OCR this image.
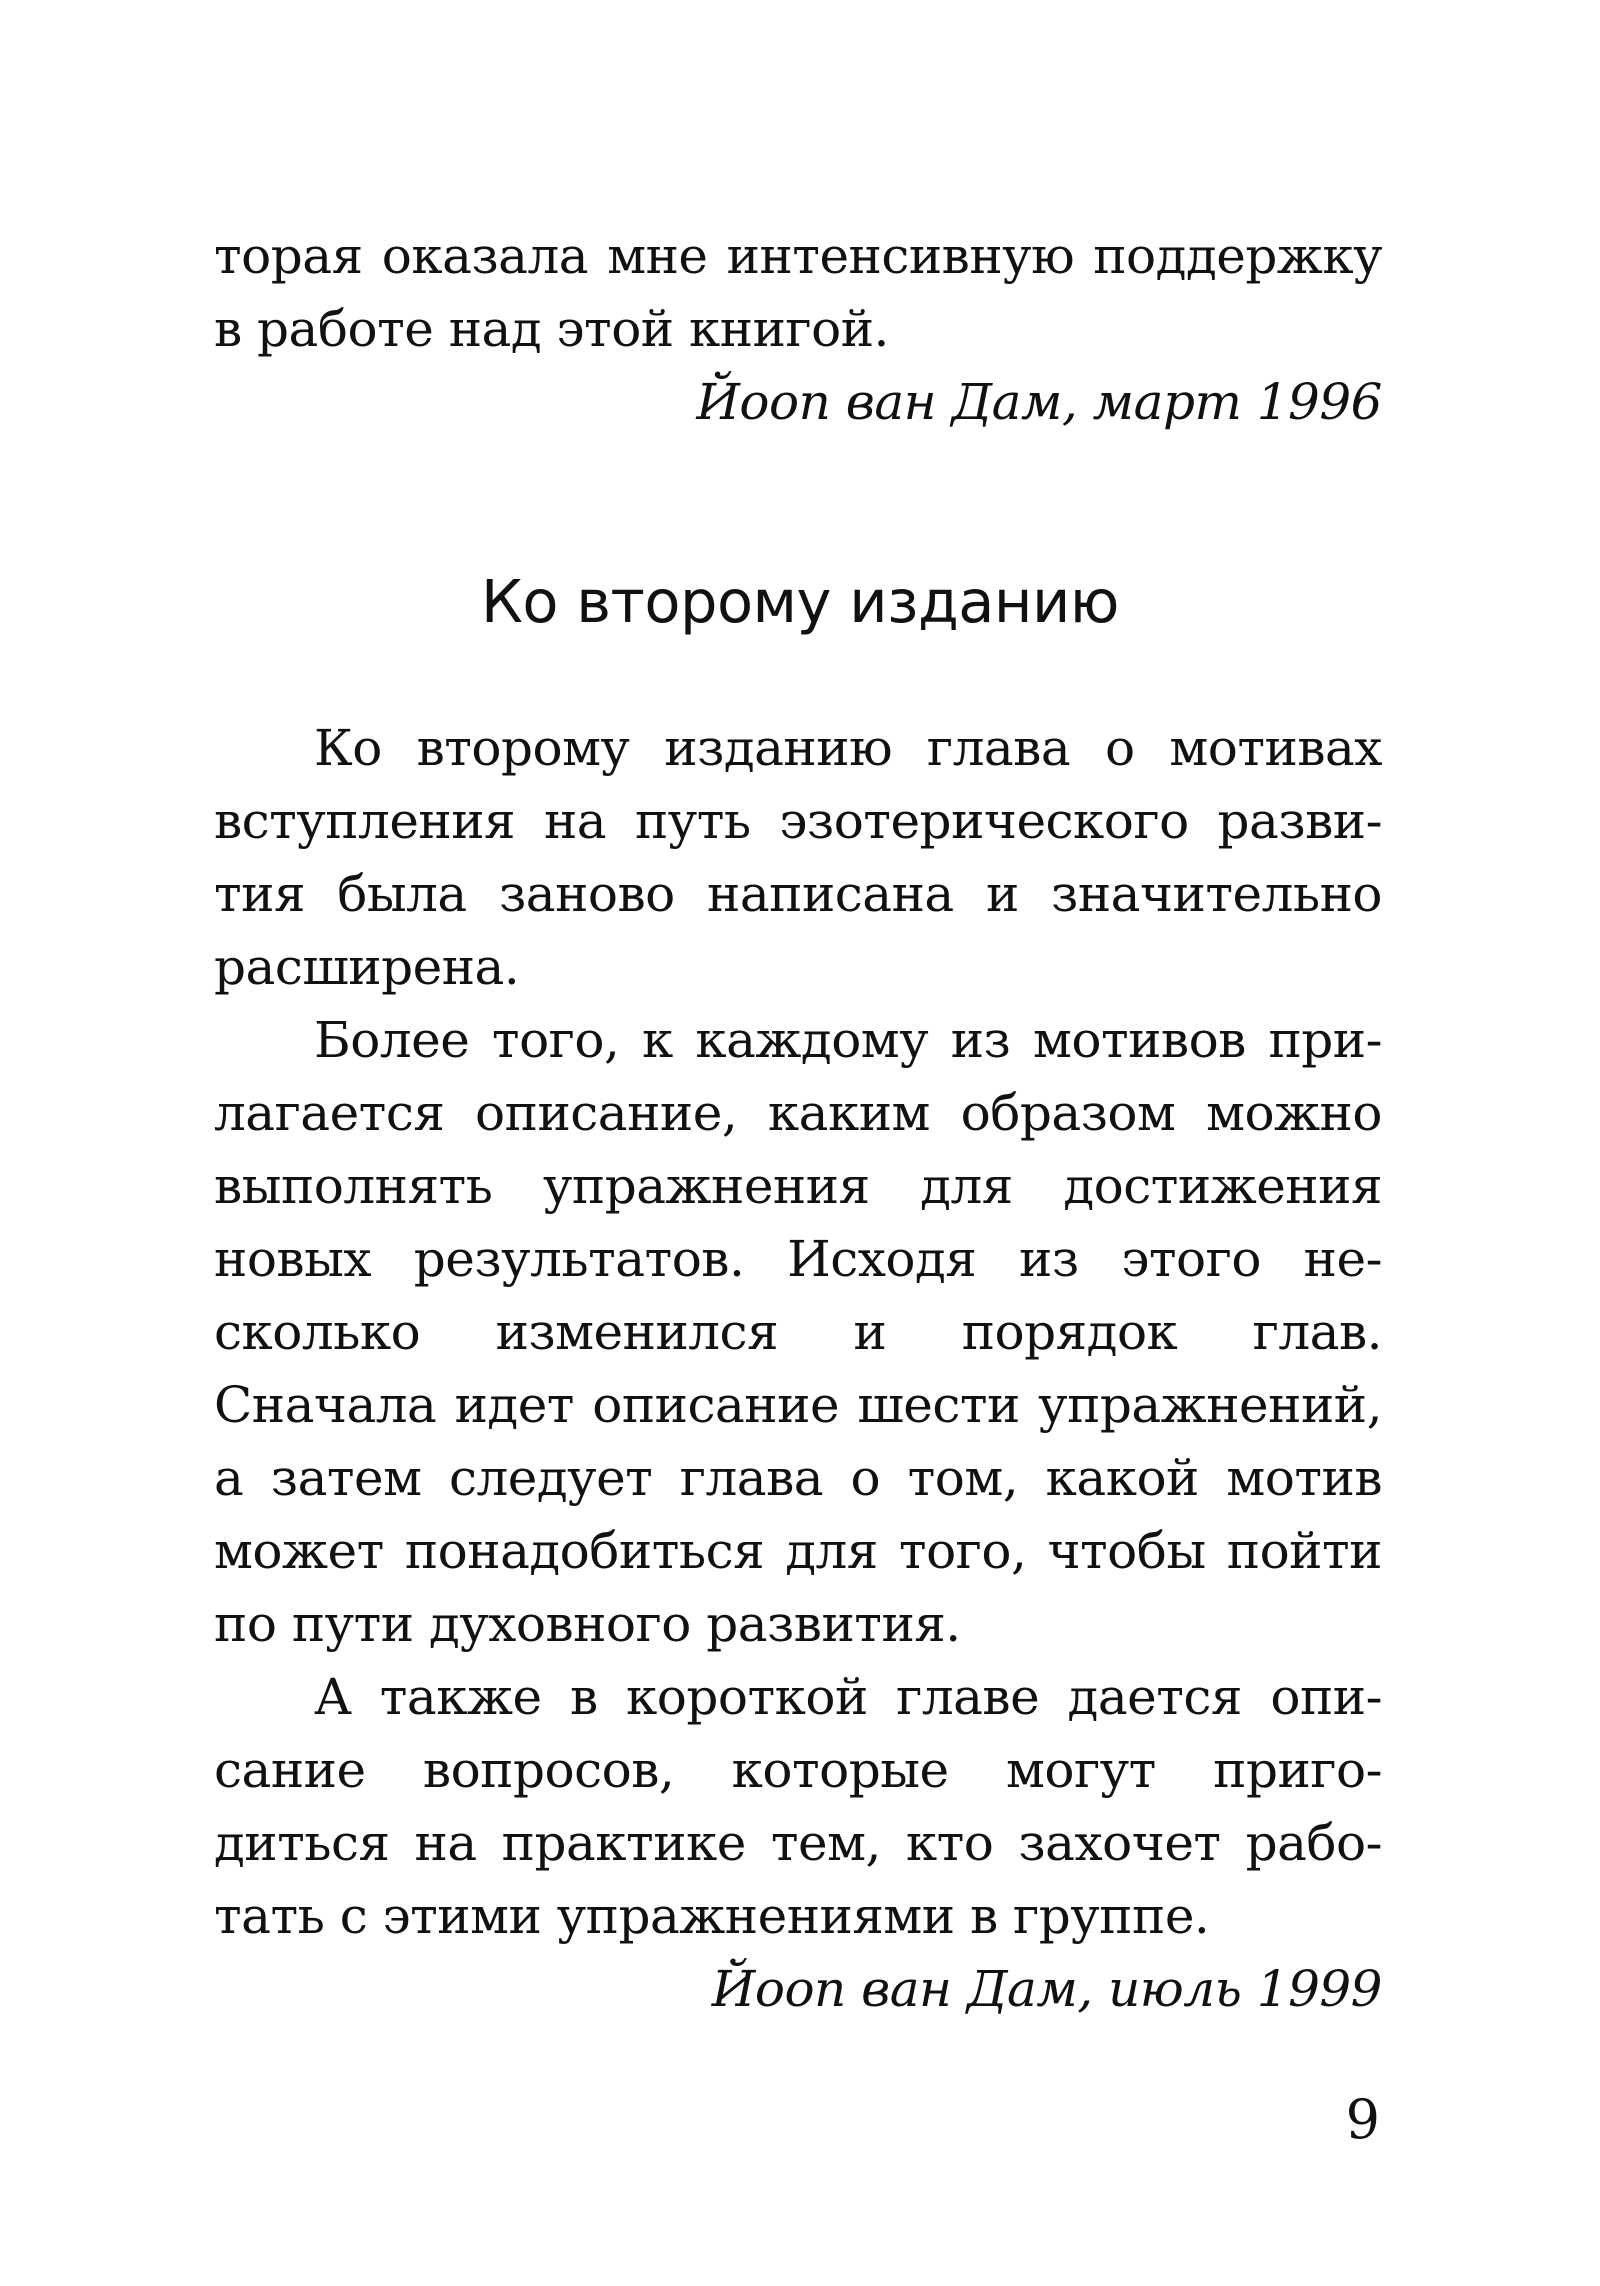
торая оказала мне интенсивную поддержку
в работе над этой книгой.
Йооп ван Дам, март 1996
Ко второму изданию
Ко второму изданию глава о мотивах
вступления на путь эзотерического разви-
тия была заново написана и значительно
расширена.
Более того, к каждому из мотивов при-
лагается описание, каким образом можно
выполнять упражнения для достижения
новых результатов. Исходя из этого не-
сколько изменился и порядок глав.
Сначала идет описание шести упражнений,
а затем следует глава о том, какой мотив
может понадобиться для того, чтобы пойти
по пути духовного развития.
А также в короткой главе дается опи-
сание вопросов, которые могут приго-
диться на практике тем, кто захочет рабо-
тать с этими упражнениями в группе.
Йооп ван Дам, июль 1999
9
